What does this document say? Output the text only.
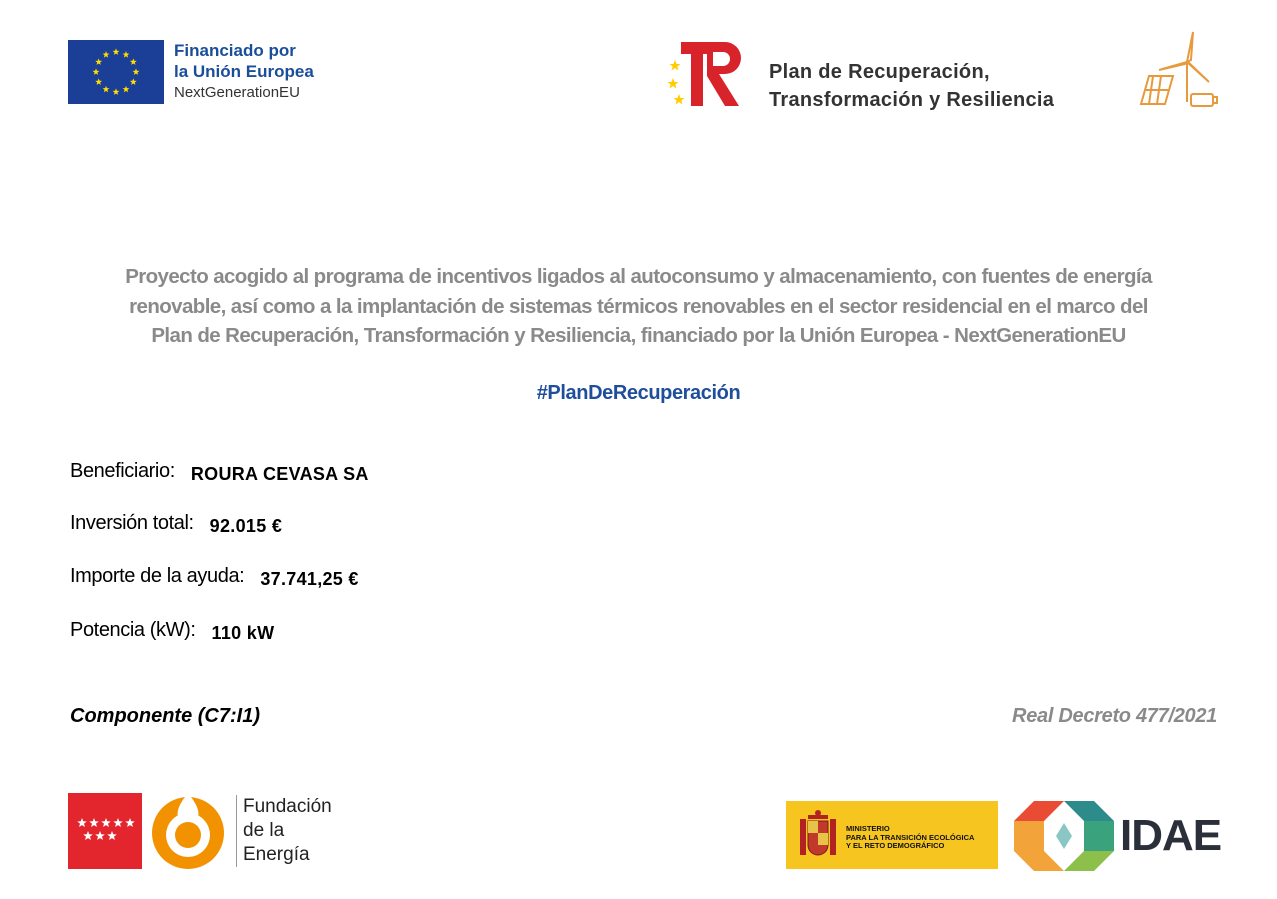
Financiado por
la Unión Europea
NextGenerationEU
Plan de Recuperación,
Transformación y Resiliencia
Proyecto acogido al programa de incentivos ligados al autoconsumo y almacenamiento, con fuentes de energía
renovable, así como a la implantación de sistemas térmicos renovables en el sector residencial en el marco del
Plan de Recuperación, Transformación y Resiliencia, financiado por la Unión Europea - NextGenerationEU
#PlanDeRecuperación
Beneficiario: ROURA CEVASA SA
Inversión total: 92.015 €
Importe de la ayuda: 37.741,25 €
Potencia (kW): 110 kW
Componente (C7:I1)	Real Decreto 477/2021
Fundación
de la
Energía
MINISTERIO
PARA LA TRANSICIÓN ECOLÓGICA
Y EL RETO DEMOGRÁFICO	IDAE
